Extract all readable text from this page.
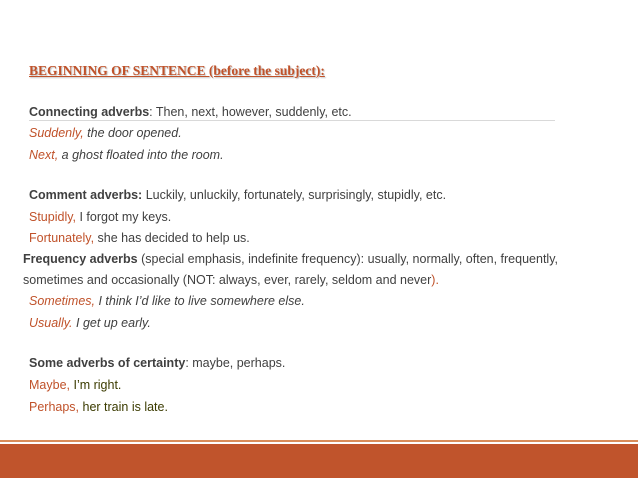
BEGINNING OF SENTENCE (before the subject):
Connecting adverbs: Then, next, however, suddenly, etc.
Suddenly, the door opened.
Next, a ghost floated into the room.
Comment adverbs: Luckily, unluckily, fortunately, surprisingly, stupidly, etc.
Stupidly, I forgot my keys.
Fortunately, she has decided to help us.
Frequency adverbs (special emphasis, indefinite frequency): usually, normally, often, frequently,
sometimes and occasionally (NOT: always, ever, rarely, seldom and never).
Sometimes, I think I’d like to live somewhere else.
Usually. I get up early.
Some adverbs of certainty: maybe, perhaps.
Maybe, I’m right.
Perhaps, her train is late.
